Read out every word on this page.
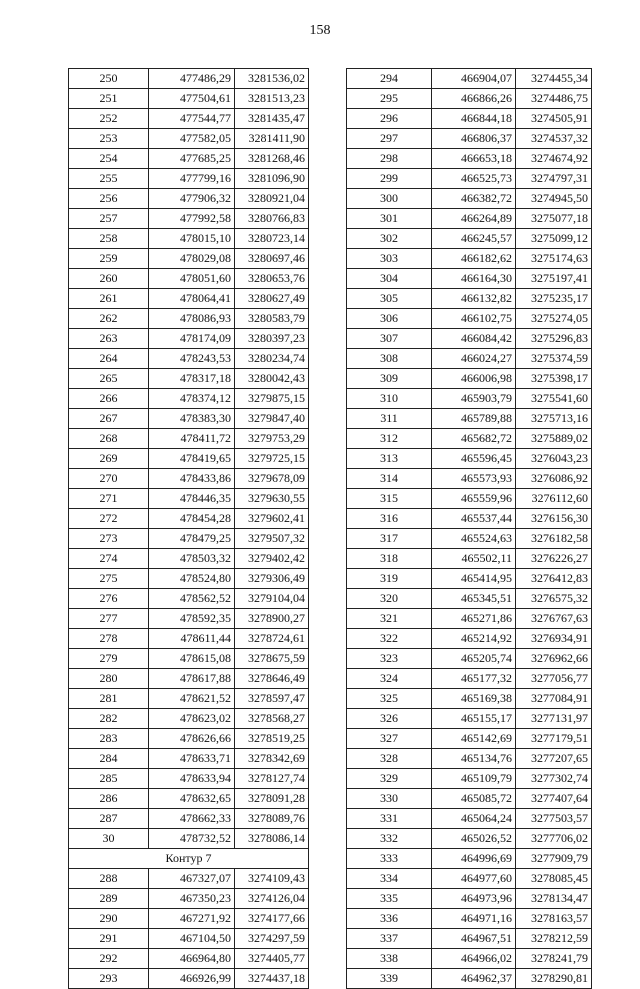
158
250	477486,29	3281536,02
251	477504,61	3281513,23
252	477544,77	3281435,47
253	477582,05	3281411,90
254	477685,25	3281268,46
255	477799,16	3281096,90
256	477906,32	3280921,04
257	477992,58	3280766,83
258	478015,10	3280723,14
259	478029,08	3280697,46
260	478051,60	3280653,76
261	478064,41	3280627,49
262	478086,93	3280583,79
263	478174,09	3280397,23
264	478243,53	3280234,74
265	478317,18	3280042,43
266	478374,12	3279875,15
267	478383,30	3279847,40
268	478411,72	3279753,29
269	478419,65	3279725,15
270	478433,86	3279678,09
271	478446,35	3279630,55
272	478454,28	3279602,41
273	478479,25	3279507,32
274	478503,32	3279402,42
275	478524,80	3279306,49
276	478562,52	3279104,04
277	478592,35	3278900,27
278	478611,44	3278724,61
279	478615,08	3278675,59
280	478617,88	3278646,49
281	478621,52	3278597,47
282	478623,02	3278568,27
283	478626,66	3278519,25
284	478633,71	3278342,69
285	478633,94	3278127,74
286	478632,65	3278091,28
287	478662,33	3278089,76
30	478732,52	3278086,14
Контур 7		
288	467327,07	3274109,43
289	467350,23	3274126,04
290	467271,92	3274177,66
291	467104,50	3274297,59
292	466964,80	3274405,77
293	466926,99	3274437,18
294	466904,07	3274455,34
295	466866,26	3274486,75
296	466844,18	3274505,91
297	466806,37	3274537,32
298	466653,18	3274674,92
299	466525,73	3274797,31
300	466382,72	3274945,50
301	466264,89	3275077,18
302	466245,57	3275099,12
303	466182,62	3275174,63
304	466164,30	3275197,41
305	466132,82	3275235,17
306	466102,75	3275274,05
307	466084,42	3275296,83
308	466024,27	3275374,59
309	466006,98	3275398,17
310	465903,79	3275541,60
311	465789,88	3275713,16
312	465682,72	3275889,02
313	465596,45	3276043,23
314	465573,93	3276086,92
315	465559,96	3276112,60
316	465537,44	3276156,30
317	465524,63	3276182,58
318	465502,11	3276226,27
319	465414,95	3276412,83
320	465345,51	3276575,32
321	465271,86	3276767,63
322	465214,92	3276934,91
323	465205,74	3276962,66
324	465177,32	3277056,77
325	465169,38	3277084,91
326	465155,17	3277131,97
327	465142,69	3277179,51
328	465134,76	3277207,65
329	465109,79	3277302,74
330	465085,72	3277407,64
331	465064,24	3277503,57
332	465026,52	3277706,02
333	464996,69	3277909,79
334	464977,60	3278085,45
335	464973,96	3278134,47
336	464971,16	3278163,57
337	464967,51	3278212,59
338	464966,02	3278241,79
339	464962,37	3278290,81
